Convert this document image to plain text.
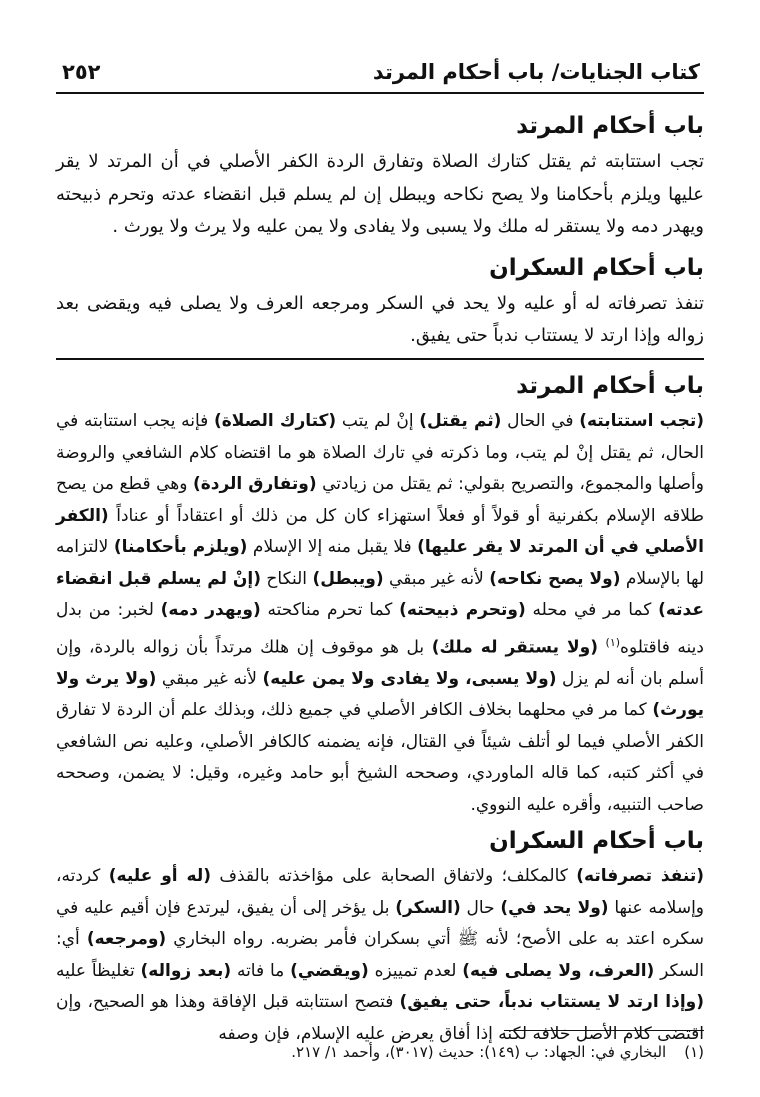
كتاب الجنايات/ باب أحكام المرتد
٢٥٢
باب أحكام المرتد
تجب استتابته ثم يقتل كتارك الصلاة وتفارق الردة الكفر الأصلي في أن المرتد لا يقر عليها ويلزم بأحكامنا ولا يصح نكاحه ويبطل إن لم يسلم قبل انقضاء عدته وتحرم ذبيحته ويهدر دمه ولا يستقر له ملك ولا يسبى ولا يفادى ولا يمن عليه ولا يرث ولا يورث .
باب أحكام السكران
تنفذ تصرفاته له أو عليه ولا يحد في السكر ومرجعه العرف ولا يصلى فيه ويقضى بعد زواله وإذا ارتد لا يستتاب ندباً حتى يفيق.
باب أحكام المرتد
(تجب استتابته) في الحال (ثم يقتل) إنْ لم يتب (كتارك الصلاة) فإنه يجب استتابته في الحال، ثم يقتل إنْ لم يتب، وما ذكرته في تارك الصلاة هو ما اقتضاه كلام الشافعي والروضة وأصلها والمجموع، والتصريح بقولي: ثم يقتل من زيادتي (وتفارق الردة) وهي قطع من يصح طلاقه الإسلام بكفرنية أو قولاً أو فعلاً استهزاء كان كل من ذلك أو اعتقاداً أو عناداً (الكفر الأصلي في أن المرتد لا يقر عليها) فلا يقبل منه إلا الإسلام (ويلزم بأحكامنا) لالتزامه لها بالإسلام (ولا يصح نكاحه) لأنه غير مبقي (ويبطل) النكاح (إنْ لم يسلم قبل انقضاء عدته) كما مر في محله (وتحرم ذبيحته) كما تحرم مناكحته (ويهدر دمه) لخبر: من بدل دينه فاقتلوه$^{(١)}$ (ولا يستقر له ملك) بل هو موقوف إن هلك مرتداً بأن زواله بالردة، وإن أسلم بان أنه لم يزل (ولا يسبى، ولا يفادى ولا يمن عليه) لأنه غير مبقي (ولا يرث ولا يورث) كما مر في محلهما بخلاف الكافر الأصلي في جميع ذلك، وبذلك علم أن الردة لا تفارق الكفر الأصلي فيما لو أتلف شيئاً في القتال، فإنه يضمنه كالكافر الأصلي، وعليه نص الشافعي في أكثر كتبه، كما قاله الماوردي، وصححه الشيخ أبو حامد وغيره، وقيل: لا يضمن، وصححه صاحب التنبيه، وأقره عليه النووي.
باب أحكام السكران
(تنفذ تصرفاته) كالمكلف؛ ولاتفاق الصحابة على مؤاخذته بالقذف (له أو عليه) كردته، وإسلامه عنها (ولا يحد في) حال (السكر) بل يؤخر إلى أن يفيق، ليرتدع فإن أقيم عليه في سكره اعتد به على الأصح؛ لأنه ﷺ أتي بسكران فأمر بضربه. رواه البخاري (ومرجعه) أي: السكر (العرف، ولا يصلى فيه) لعدم تمييزه (ويقضي) ما فاته (بعد زواله) تغليظاً عليه (وإذا ارتد لا يستتاب ندباً، حتى يفيق) فتصح استتابته قبل الإفاقة وهذا هو الصحيح، وإن اقتضى كلام الأصل خلافه لكنه إذا أفاق يعرض عليه الإسلام، فإن وصفه
(١)البخاري في: الجهاد: ب (١٤٩): حديث (٣٠١٧)، وأحمد ١/ ٢١٧.
